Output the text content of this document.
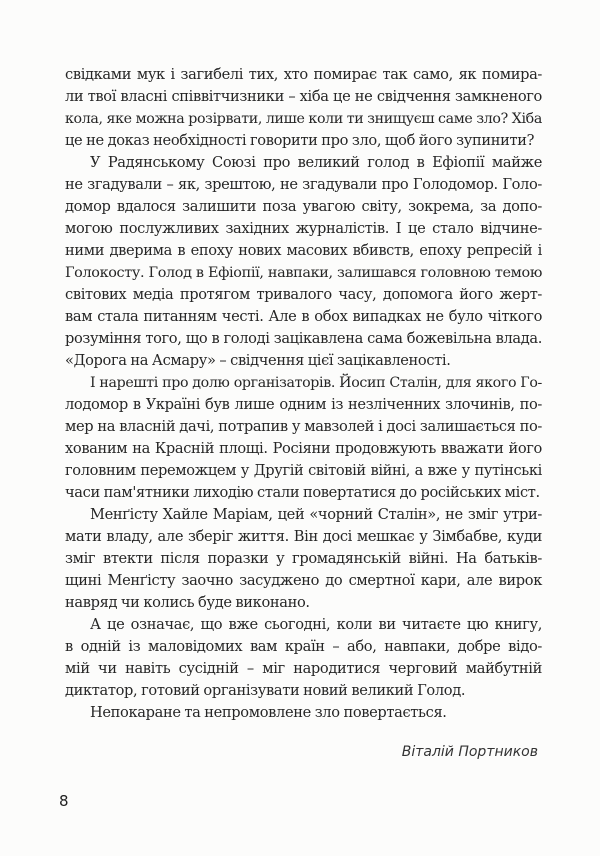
свідками мук і загибелі тих, хто помирає так само, як помира-
ли твої власні співвітчизники – хіба це не свідчення замкненого
кола, яке можна розірвати, лише коли ти знищуєш саме зло? Хіба
це не доказ необхідності говорити про зло, щоб його зупинити?
У Радянському Союзі про великий голод в Ефіопії майже
не згадували – як, зрештою, не згадували про Голодомор. Голо-
домор вдалося залишити поза увагою світу, зокрема, за допо-
могою послужливих західних журналістів. І це стало відчине-
ними дверима в епоху нових масових вбивств, епоху репресій і
Голокосту. Голод в Ефіопії, навпаки, залишався головною темою
світових медіа протягом тривалого часу, допомога його жерт-
вам стала питанням честі. Але в обох випадках не було чіткого
розуміння того, що в голоді зацікавлена сама божевільна влада.
«Дорога на Асмару» – свідчення цієї зацікавленості.
І нарешті про долю організаторів. Йосип Сталін, для якого Го-
лодомор в Україні був лише одним із незліченних злочинів, по-
мер на власній дачі, потрапив у мавзолей і досі залишається по-
хованим на Красній площі. Росіяни продовжують вважати його
головним переможцем у Другій світовій війні, а вже у путінські
часи пам'ятники лиходію стали повертатися до російських міст.
Менґісту Хайле Маріам, цей «чорний Сталін», не зміг утри-
мати владу, але зберіг життя. Він досі мешкає у Зімбабве, куди
зміг втекти після поразки у громадянській війні. На батьків-
щині Менґісту заочно засуджено до смертної кари, але вирок
навряд чи колись буде виконано.
А це означає, що вже сьогодні, коли ви читаєте цю книгу,
в одній із маловідомих вам країн – або, навпаки, добре відо-
мій чи навіть сусідній – міг народитися черговий майбутній
диктатор, готовий організувати новий великий Голод.
Непокаране та непромовлене зло повертається.
Віталій Портников
8
